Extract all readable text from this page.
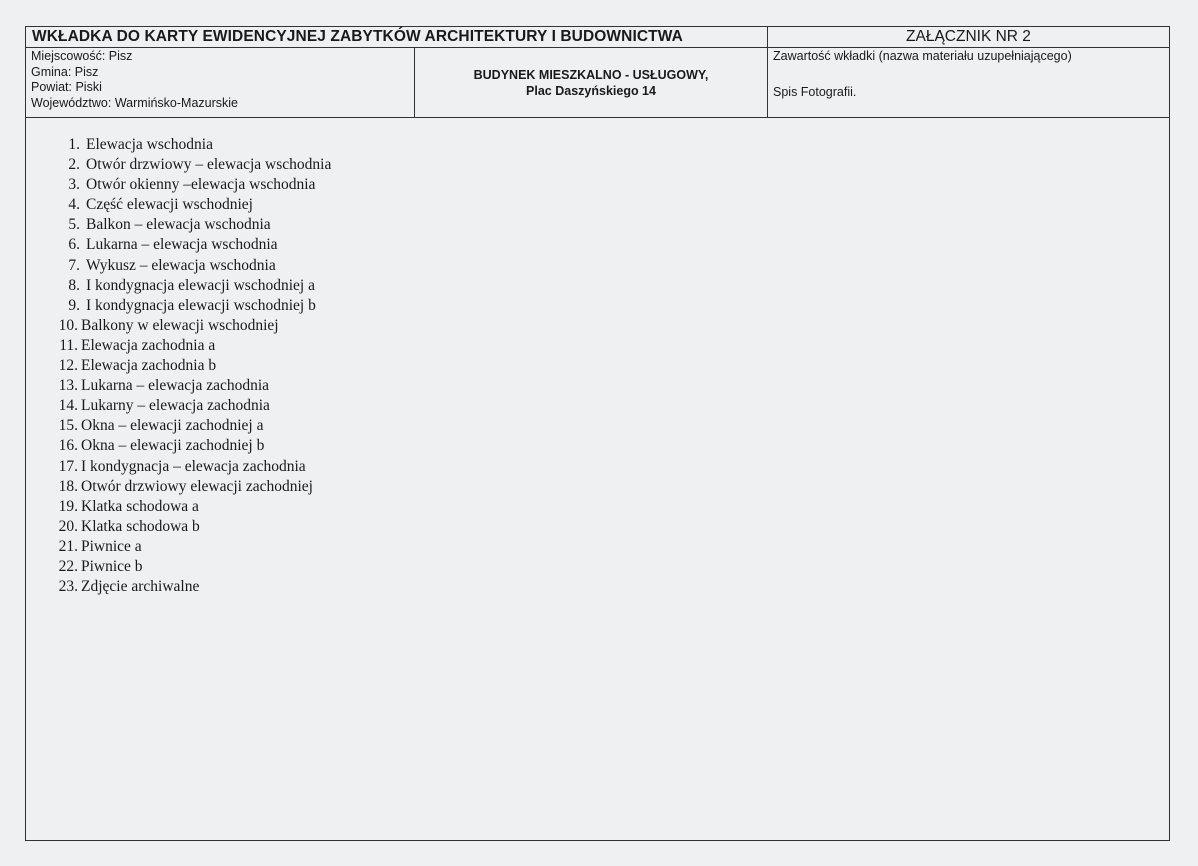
WKŁADKA DO KARTY EWIDENCYJNEJ ZABYTKÓW ARCHITEKTURY I BUDOWNICTWA	ZAŁĄCZNIK NR 2
Miejscowość: Pisz
Gmina: Pisz
Powiat: Piski
Województwo: Warmińsko-Mazurskie
BUDYNEK MIESZKALNO - USŁUGOWY,
Plac Daszyńskiego 14
Zawartość wkładki (nazwa materiału uzupełniającego)
Spis Fotografii.
1. Elewacja wschodnia
2. Otwór drzwiowy – elewacja wschodnia
3. Otwór okienny –elewacja wschodnia
4. Część elewacji wschodniej
5. Balkon – elewacja wschodnia
6. Lukarna – elewacja wschodnia
7. Wykusz – elewacja wschodnia
8. I kondygnacja elewacji wschodniej a
9. I kondygnacja elewacji wschodniej b
10. Balkony w elewacji wschodniej
11. Elewacja zachodnia a
12. Elewacja zachodnia b
13. Lukarna – elewacja zachodnia
14. Lukarny – elewacja zachodnia
15. Okna – elewacji zachodniej a
16. Okna – elewacji zachodniej b
17. I kondygnacja – elewacja zachodnia
18. Otwór drzwiowy elewacji zachodniej
19. Klatka schodowa a
20. Klatka schodowa b
21. Piwnice a
22. Piwnice b
23. Zdjęcie archiwalne
